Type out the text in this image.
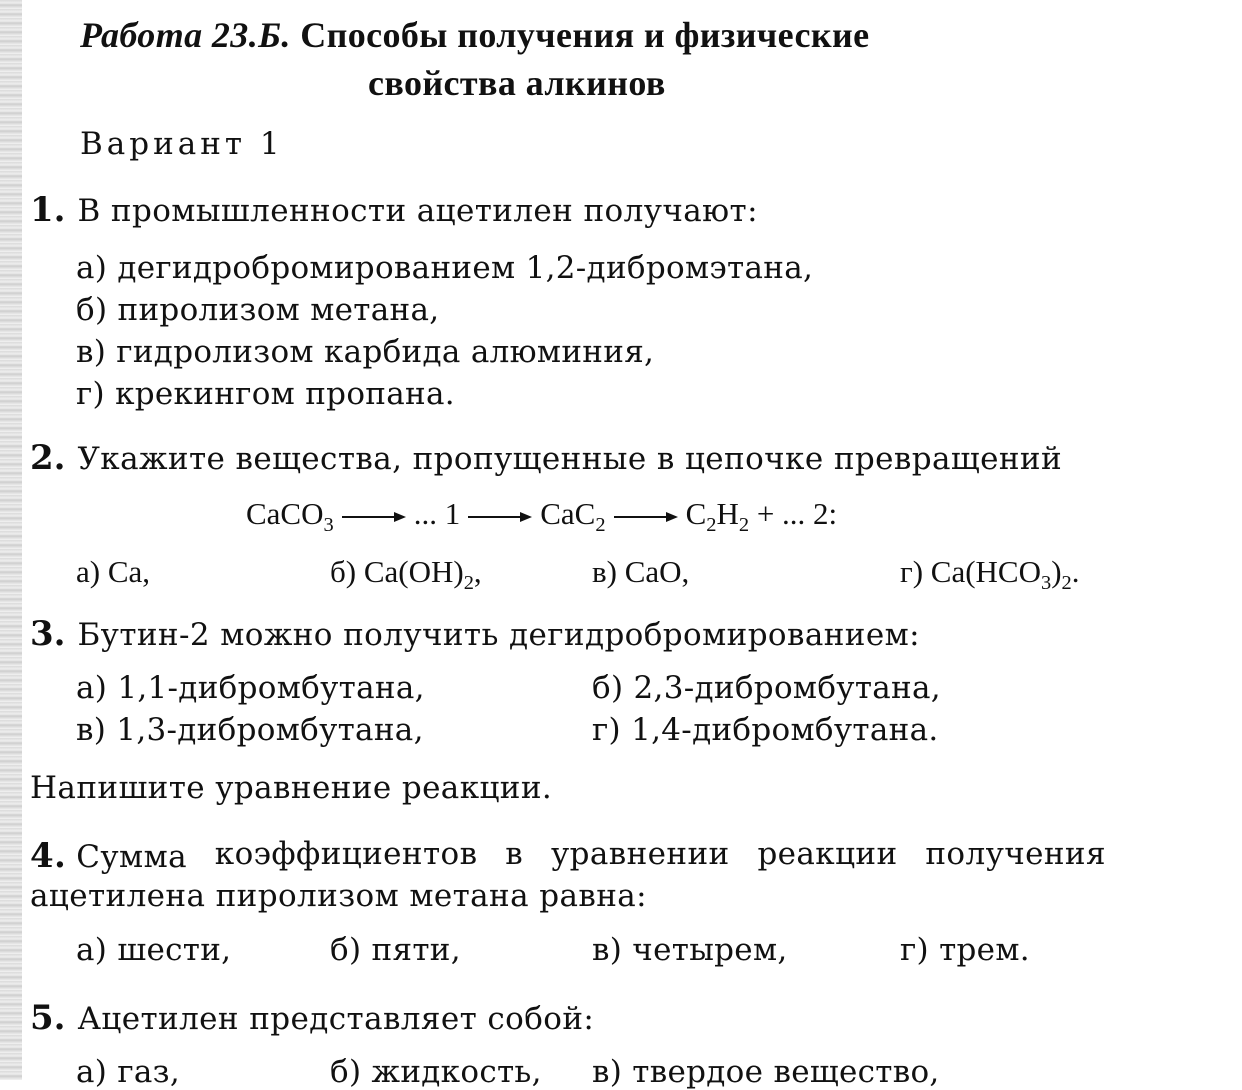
Работа 23.Б. Способы получения и физические
свойства алкинов
Вариант 1
1. В промышленности ацетилен получают:
а) дегидробромированием 1,2-дибромэтана,
б) пиролизом метана,
в) гидролизом карбида алюминия,
г) крекингом пропана.
2. Укажите вещества, пропущенные в цепочке превращений
CaCO$_3$	... 1	CaC$_2$	$C_2H_2$ + ... 2:
а) Ca,	б) $Ca(OH)_2$,	в) CaO,	г) $Ca(HCO_3)_2$.
3. Бутин-2 можно получить дегидробромированием:
а) 1,1-дибромбутана,	б) 2,3-дибромбутана,
в) 1,3-дибромбутана,	г) 1,4-дибромбутана.
Напишите уравнение реакции.
4. Сумма коэффициентов в уравнении реакции получения
ацетилена пиролизом метана равна:
а) шести,	б) пяти,	в) четырем,	г) трем.
5. Ацетилен представляет собой:
а) газ,	б) жидкость, в) твердое вещество,
